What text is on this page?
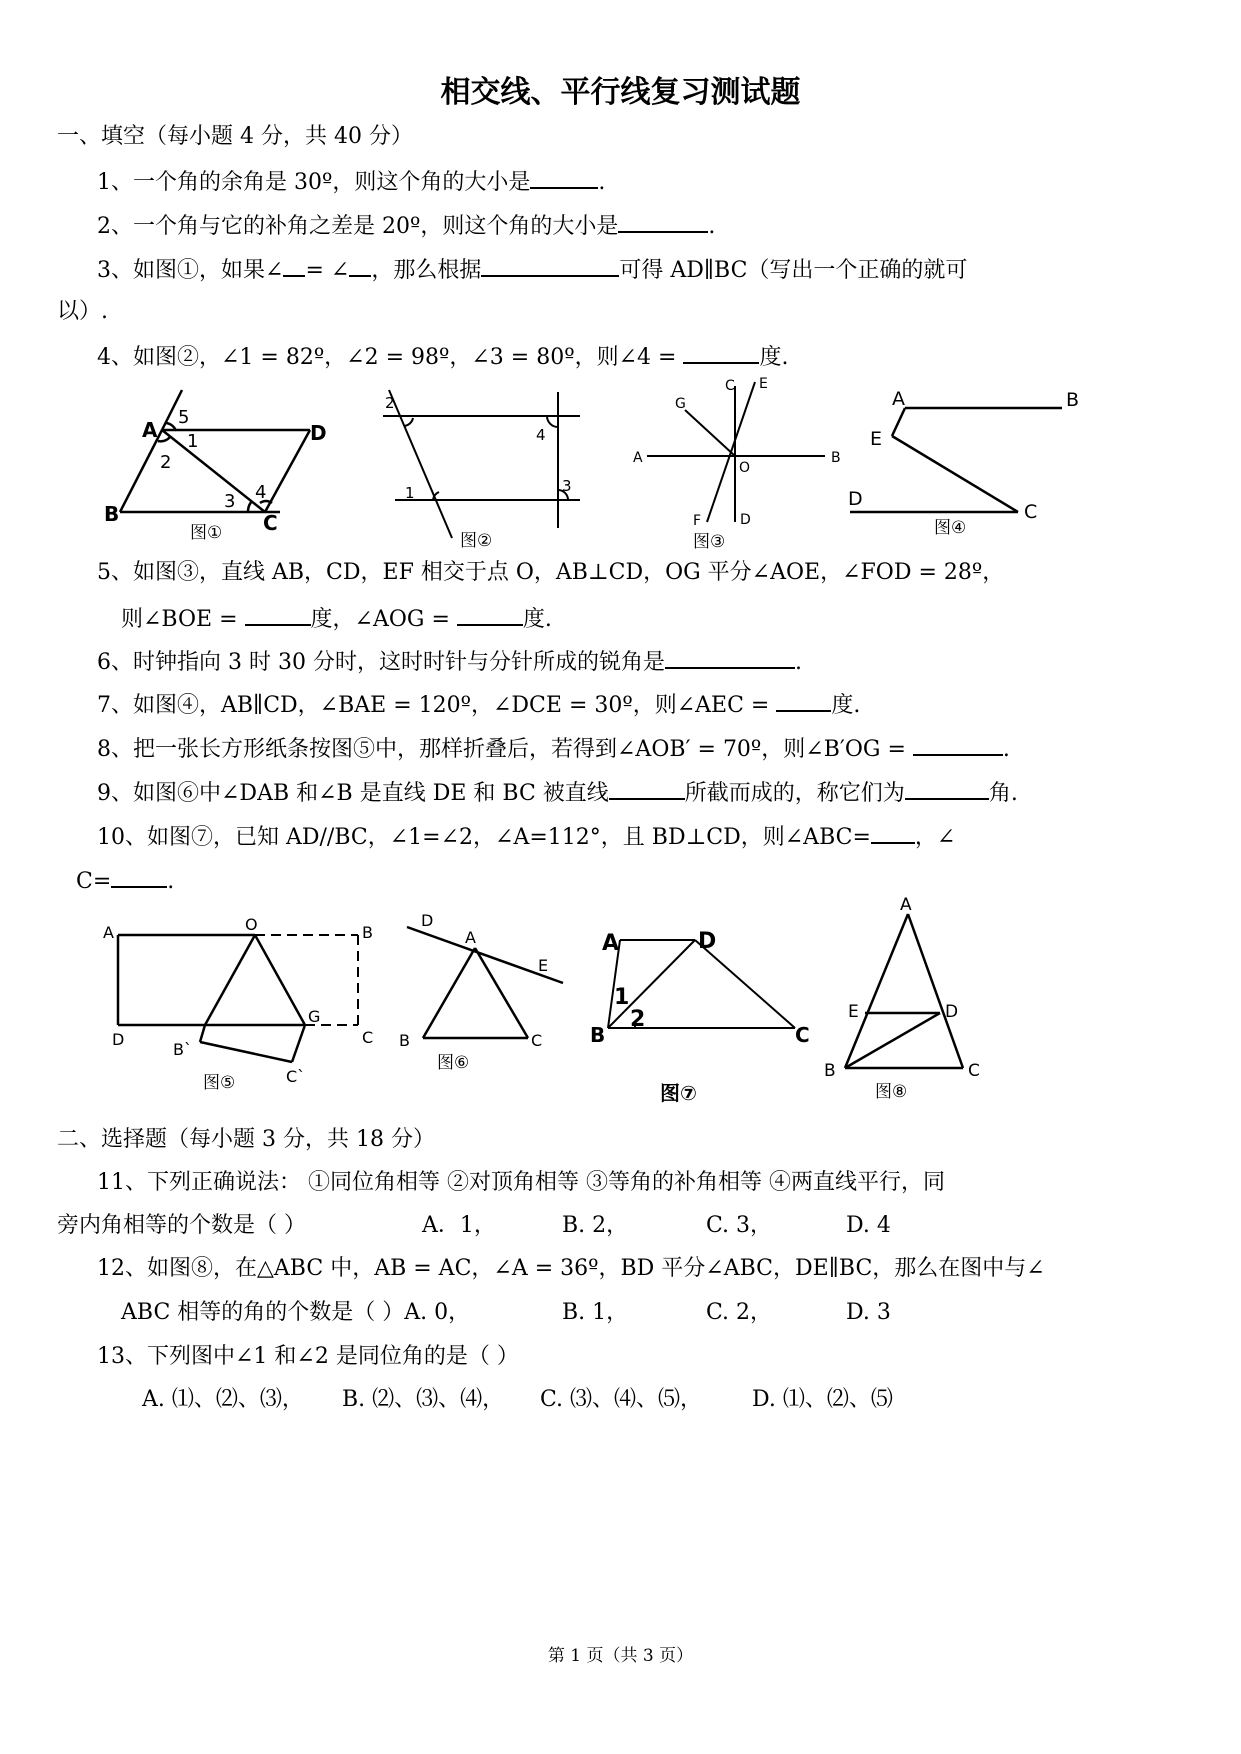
相交线、平行线复习测试题
一、填空（每小题 4 分，共 40 分）
1、一个角的余角是 30º，则这个角的大小是	.
2、一个角与它的补角之差是 20º，则这个角的大小是	.
3、如图①，如果∠ = ∠ ，那么根据	可得 AD∥BC（写出一个正确的就可
以）.
4、如图②，∠1 = 82º，∠2 = 98º，∠3 = 80º，则∠4 =	度.
A
B	C
D
1
2
3 4
5
图①
1
2
3
4
图②
A	B
C
D
E
F
G
O
图③
A	B
C
D
E
图④
5、如图③，直线 AB，CD，EF 相交于点 O，AB⊥CD，OG 平分∠AOE，∠FOD = 28º，
则∠BOE =	度，∠AOG =	度.
6、时钟指向 3 时 30 分时，这时时针与分针所成的锐角是	.
7、如图④，AB∥CD，∠BAE = 120º，∠DCE = 30º，则∠AEC =	度.
8、把一张长方形纸条按图⑤中，那样折叠后，若得到∠AOB′ = 70º，则∠B′OG =	.
9、如图⑥中∠DAB 和∠B 是直线 DE 和 BC 被直线	所截而成的，称它们为	角.
10、如图⑦，已知 AD//BC，∠1=∠2，∠A=112°，且 BD⊥CD，则∠ABC= ，∠
C=	.
A	B
C
D
O
G
B`
C`
图⑤
A
B	C
D
E
图⑥
A
B	C
D
1
2
图⑦
A
B	C
D
E
图⑧
二、选择题（每小题 3 分，共 18 分）
11、下列正确说法： ①同位角相等 ②对顶角相等 ③等角的补角相等 ④两直线平行，同
旁内角相等的个数是（ ）	A．1，	B. 2，	C. 3，	D. 4
12、如图⑧，在△ABC 中，AB = AC，∠A = 36º，BD 平分∠ABC，DE∥BC，那么在图中与∠
ABC 相等的角的个数是（ ）A. 0，	B. 1，	C. 2，	D. 3
13、下列图中∠1 和∠2 是同位角的是（ ）
A. ⑴、⑵、⑶， B. ⑵、⑶、⑷， C. ⑶、⑷、⑸， D. ⑴、⑵、⑸
第 1 页（共 3 页）
